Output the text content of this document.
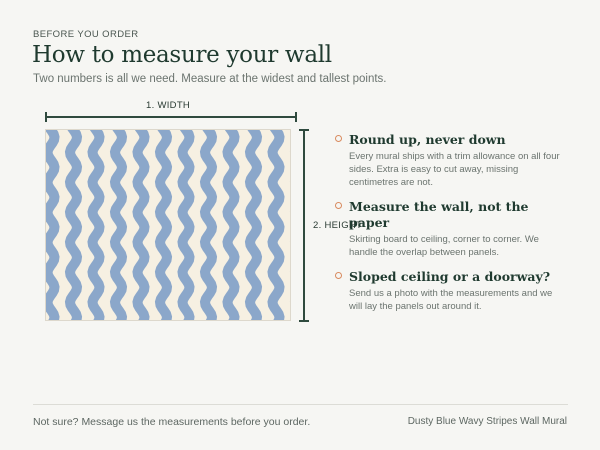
BEFORE YOU ORDER
How to measure your wall
Two numbers is all we need. Measure at the widest and tallest points.
1. WIDTH
2. HEIGHT
Round up, never down
Every mural ships with a trim allowance on all four sides. Extra is easy to cut away, missing centimetres are not.
Measure the wall, not the paper
Skirting board to ceiling, corner to corner. We handle the overlap between panels.
Sloped ceiling or a doorway?
Send us a photo with the measurements and we will lay the panels out around it.
Not sure? Message us the measurements before you order.	Dusty Blue Wavy Stripes Wall Mural
